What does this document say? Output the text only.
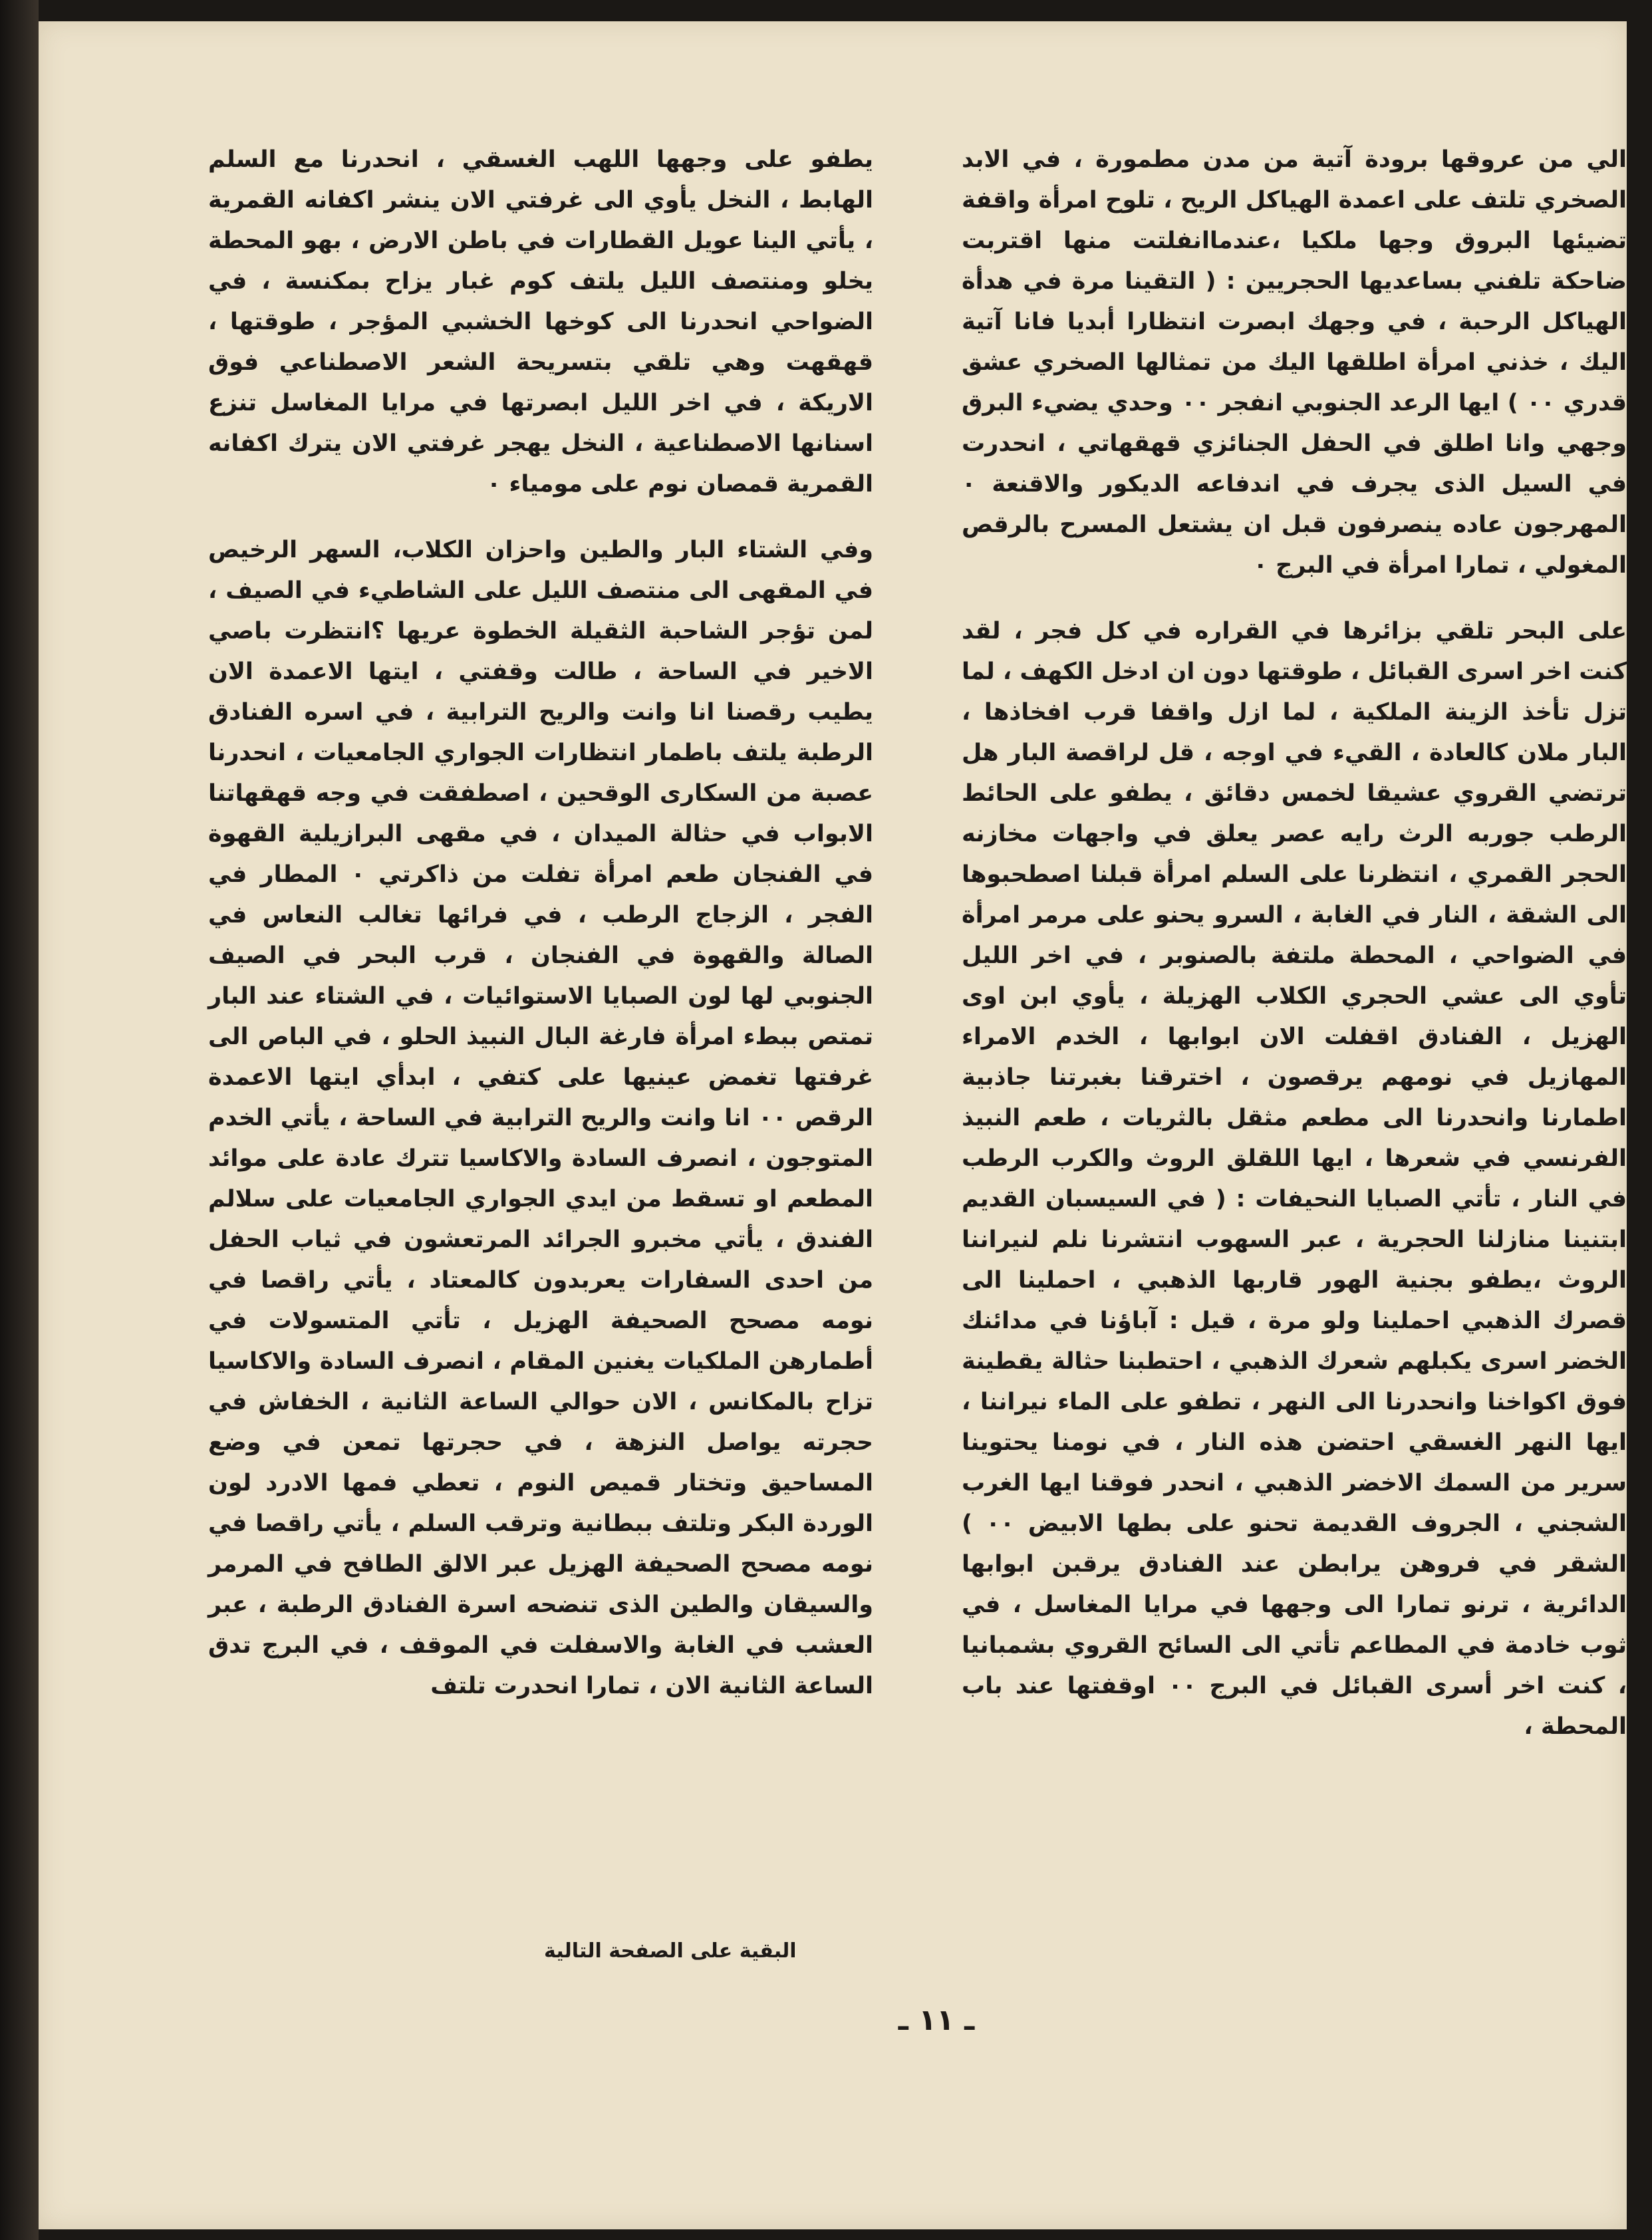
الي من عروقها برودة آتية من مدن مطمورة ، في الابد الصخري تلتف على اعمدة الهياكل الريح ، تلوح امرأة واقفة تضيئها البروق وجها ملكيا ،عندماانفلتت منها اقتربت ضاحكة تلفني بساعديها الحجريين : ( التقينا مرة في هدأة الهياكل الرحبة ، في وجهك ابصرت انتظارا أبديا فانا آتية اليك ، خذني امرأة اطلقها اليك من تمثالها الصخري عشق قدري ٠٠ ) ايها الرعد الجنوبي انفجر ٠٠ وحدي يضيء البرق وجهي وانا اطلق في الحفل الجنائزي قهقهاتي ، انحدرت في السيل الذى يجرف في اندفاعه الديكور والاقنعة ٠ المهرجون عاده ينصرفون قبل ان يشتعل المسرح بالرقص المغولي ، تمارا امرأة في البرج ٠

على البحر تلقي بزائرها في القراره في كل فجر ، لقد كنت اخر اسرى القبائل ، طوقتها دون ان ادخل الكهف ، لما تزل تأخذ الزينة الملكية ، لما ازل واقفا قرب افخاذها ، البار ملان كالعادة ، القيء في اوجه ، قل لراقصة البار هل ترتضي القروي عشيقا لخمس دقائق ، يطفو على الحائط الرطب جوربه الرث رايه عصر يعلق في واجهات مخازنه الحجر القمري ، انتظرنا على السلم امرأة قبلنا اصطحبوها الى الشقة ، النار في الغابة ، السرو يحنو على مرمر امرأة في الضواحي ، المحطة ملتفة بالصنوبر ، في اخر الليل تأوي الى عشي الحجري الكلاب الهزيلة ، يأوي ابن اوى الهزيل ، الفنادق اقفلت الان ابوابها ، الخدم الامراء المهازيل في نومهم يرقصون ، اخترقنا بغبرتنا جاذبية اطمارنا وانحدرنا الى مطعم مثقل بالثريات ، طعم النبيذ الفرنسي في شعرها ، ايها اللقلق الروث والكرب الرطب في النار ، تأتي الصبايا النحيفات : ( في السيسبان القديم ابتنينا منازلنا الحجرية ، عبر السهوب انتشرنا نلم لنيراننا الروث ،يطفو بجنية الهور قاربها الذهبي ، احملينا الى قصرك الذهبي احملينا ولو مرة ، قيل : آباؤنا في مدائنك الخضر اسرى يكبلهم شعرك الذهبي ، احتطبنا حثالة يقطينة فوق اكواخنا وانحدرنا الى النهر ، تطفو على الماء نيراننا ، ايها النهر الغسقي احتضن هذه النار ، في نومنا يحتوينا سرير من السمك الاخضر الذهبي ، انحدر فوقنا ايها الغرب الشجني ، الجروف القديمة تحنو على بطها الابيض ٠٠ ) الشقر في فروهن يرابطن عند الفنادق يرقبن ابوابها الدائرية ، ترنو تمارا الى وجهها في مرايا المغاسل ، في ثوب خادمة في المطاعم تأتي الى السائح القروي بشمبانيا ، كنت اخر أسرى القبائل في البرج ٠٠ اوقفتها عند باب المحطة ،

يطفو على وجهها اللهب الغسقي ، انحدرنا مع السلم الهابط ، النخل يأوي الى غرفتي الان ينشر اكفانه القمرية ، يأتي الينا عويل القطارات في باطن الارض ، بهو المحطة يخلو ومنتصف الليل يلتف كوم غبار يزاح بمكنسة ، في الضواحي انحدرنا الى كوخها الخشبي المؤجر ، طوقتها ، قهقهت وهي تلقي بتسريحة الشعر الاصطناعي فوق الاريكة ، في اخر الليل ابصرتها في مرايا المغاسل تنزع اسنانها الاصطناعية ، النخل يهجر غرفتي الان يترك اكفانه القمرية قمصان نوم على مومياء ٠

وفي الشتاء البار والطين واحزان الكلاب، السهر الرخيص في المقهى الى منتصف الليل على الشاطيء في الصيف ، لمن تؤجر الشاحبة الثقيلة الخطوة عريها ؟انتظرت باصي الاخير في الساحة ، طالت وقفتي ، ايتها الاعمدة الان يطيب رقصنا انا وانت والريح الترابية ، في اسره الفنادق الرطبة يلتف باطمار انتظارات الجواري الجامعيات ، انحدرنا عصبة من السكارى الوقحين ، اصطفقت في وجه قهقهاتنا الابواب في حثالة الميدان ، في مقهى البرازيلية القهوة في الفنجان طعم امرأة تفلت من ذاكرتي ٠ المطار في الفجر ، الزجاج الرطب ، في فرائها تغالب النعاس في الصالة والقهوة في الفنجان ، قرب البحر في الصيف الجنوبي لها لون الصبايا الاستوائيات ، في الشتاء عند البار تمتص ببطء امرأة فارغة البال النبيذ الحلو ، في الباص الى غرفتها تغمض عينيها على كتفي ، ابدأي ايتها الاعمدة الرقص ٠٠ انا وانت والريح الترابية في الساحة ، يأتي الخدم المتوجون ، انصرف السادة والاكاسيا تترك عادة على موائد المطعم او تسقط من ايدي الجواري الجامعيات على سلالم الفندق ، يأتي مخبرو الجرائد المرتعشون في ثياب الحفل من احدى السفارات يعربدون كالمعتاد ، يأتي راقصا في نومه مصحح الصحيفة الهزيل ، تأتي المتسولات في أطمارهن الملكيات يغنين المقام ، انصرف السادة والاكاسيا تزاح بالمكانس ، الان حوالي الساعة الثانية ، الخفاش في حجرته يواصل النزهة ، في حجرتها تمعن في وضع المساحيق وتختار قميص النوم ، تعطي فمها الادرد لون الوردة البكر وتلتف ببطانية وترقب السلم ، يأتي راقصا في نومه مصحح الصحيفة الهزيل عبر الالق الطافح في المرمر والسيقان والطين الذى تنضحه اسرة الفنادق الرطبة ، عبر العشب في الغابة والاسفلت في الموقف ، في البرج تدق الساعة الثانية الان ، تمارا انحدرت تلتف

البقية على الصفحة التالية
ـ ١١ ـ
